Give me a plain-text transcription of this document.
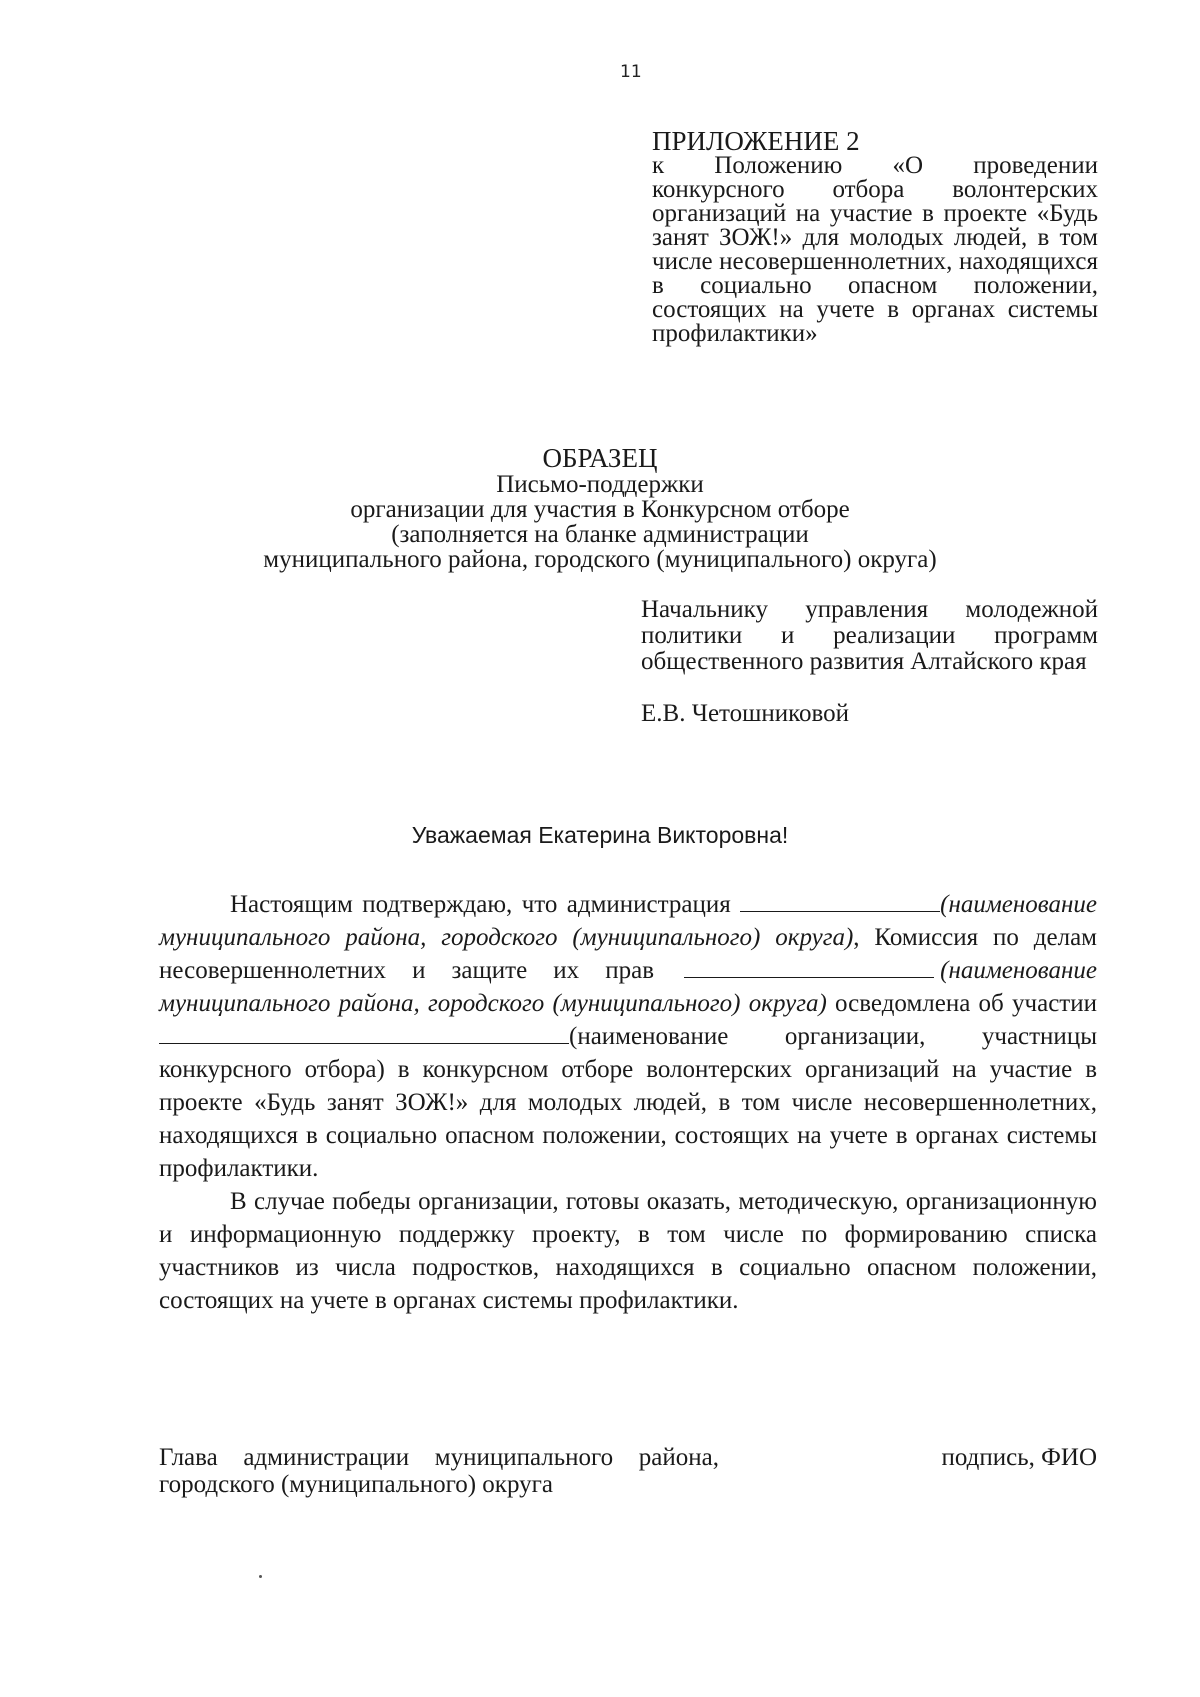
11
ПРИЛОЖЕНИЕ 2
к Положению «О проведении конкурсного отбора волонтерских организаций на участие в проекте «Будь занят ЗОЖ!» для молодых людей, в том числе несовершеннолетних, находящихся в социально опасном положении, состоящих на учете в органах системы профилактики»
ОБРАЗЕЦ
Письмо-поддержки
организации для участия в Конкурсном отборе
(заполняется на бланке администрации
муниципального района, городского (муниципального) округа)
Начальнику управления молодежной политики и реализации программ общественного развития Алтайского края
Е.В. Четошниковой
Уважаемая Екатерина Викторовна!

Настоящим подтверждаю, что администрация	(наименование муниципального района, городского (муниципального) округа), Комиссия по делам несовершеннолетних и защите их прав	(наименование муниципального района, городского (муниципального) округа) осведомлена об участии (наименование организации, участницы конкурсного отбора) в конкурсном отборе волонтерских организаций на участие в проекте «Будь занят ЗОЖ!» для молодых людей, в том числе несовершеннолетних, находящихся в социально опасном положении, состоящих на учете в органах системы профилактики.

В случае победы организации, готовы оказать, методическую, организационную и информационную поддержку проекту, в том числе по формированию списка участников из числа подростков, находящихся в социально опасном положении, состоящих на учете в органах системы профилактики.

Глава администрации муниципального района, городского (муниципального) округа
подпись, ФИО
